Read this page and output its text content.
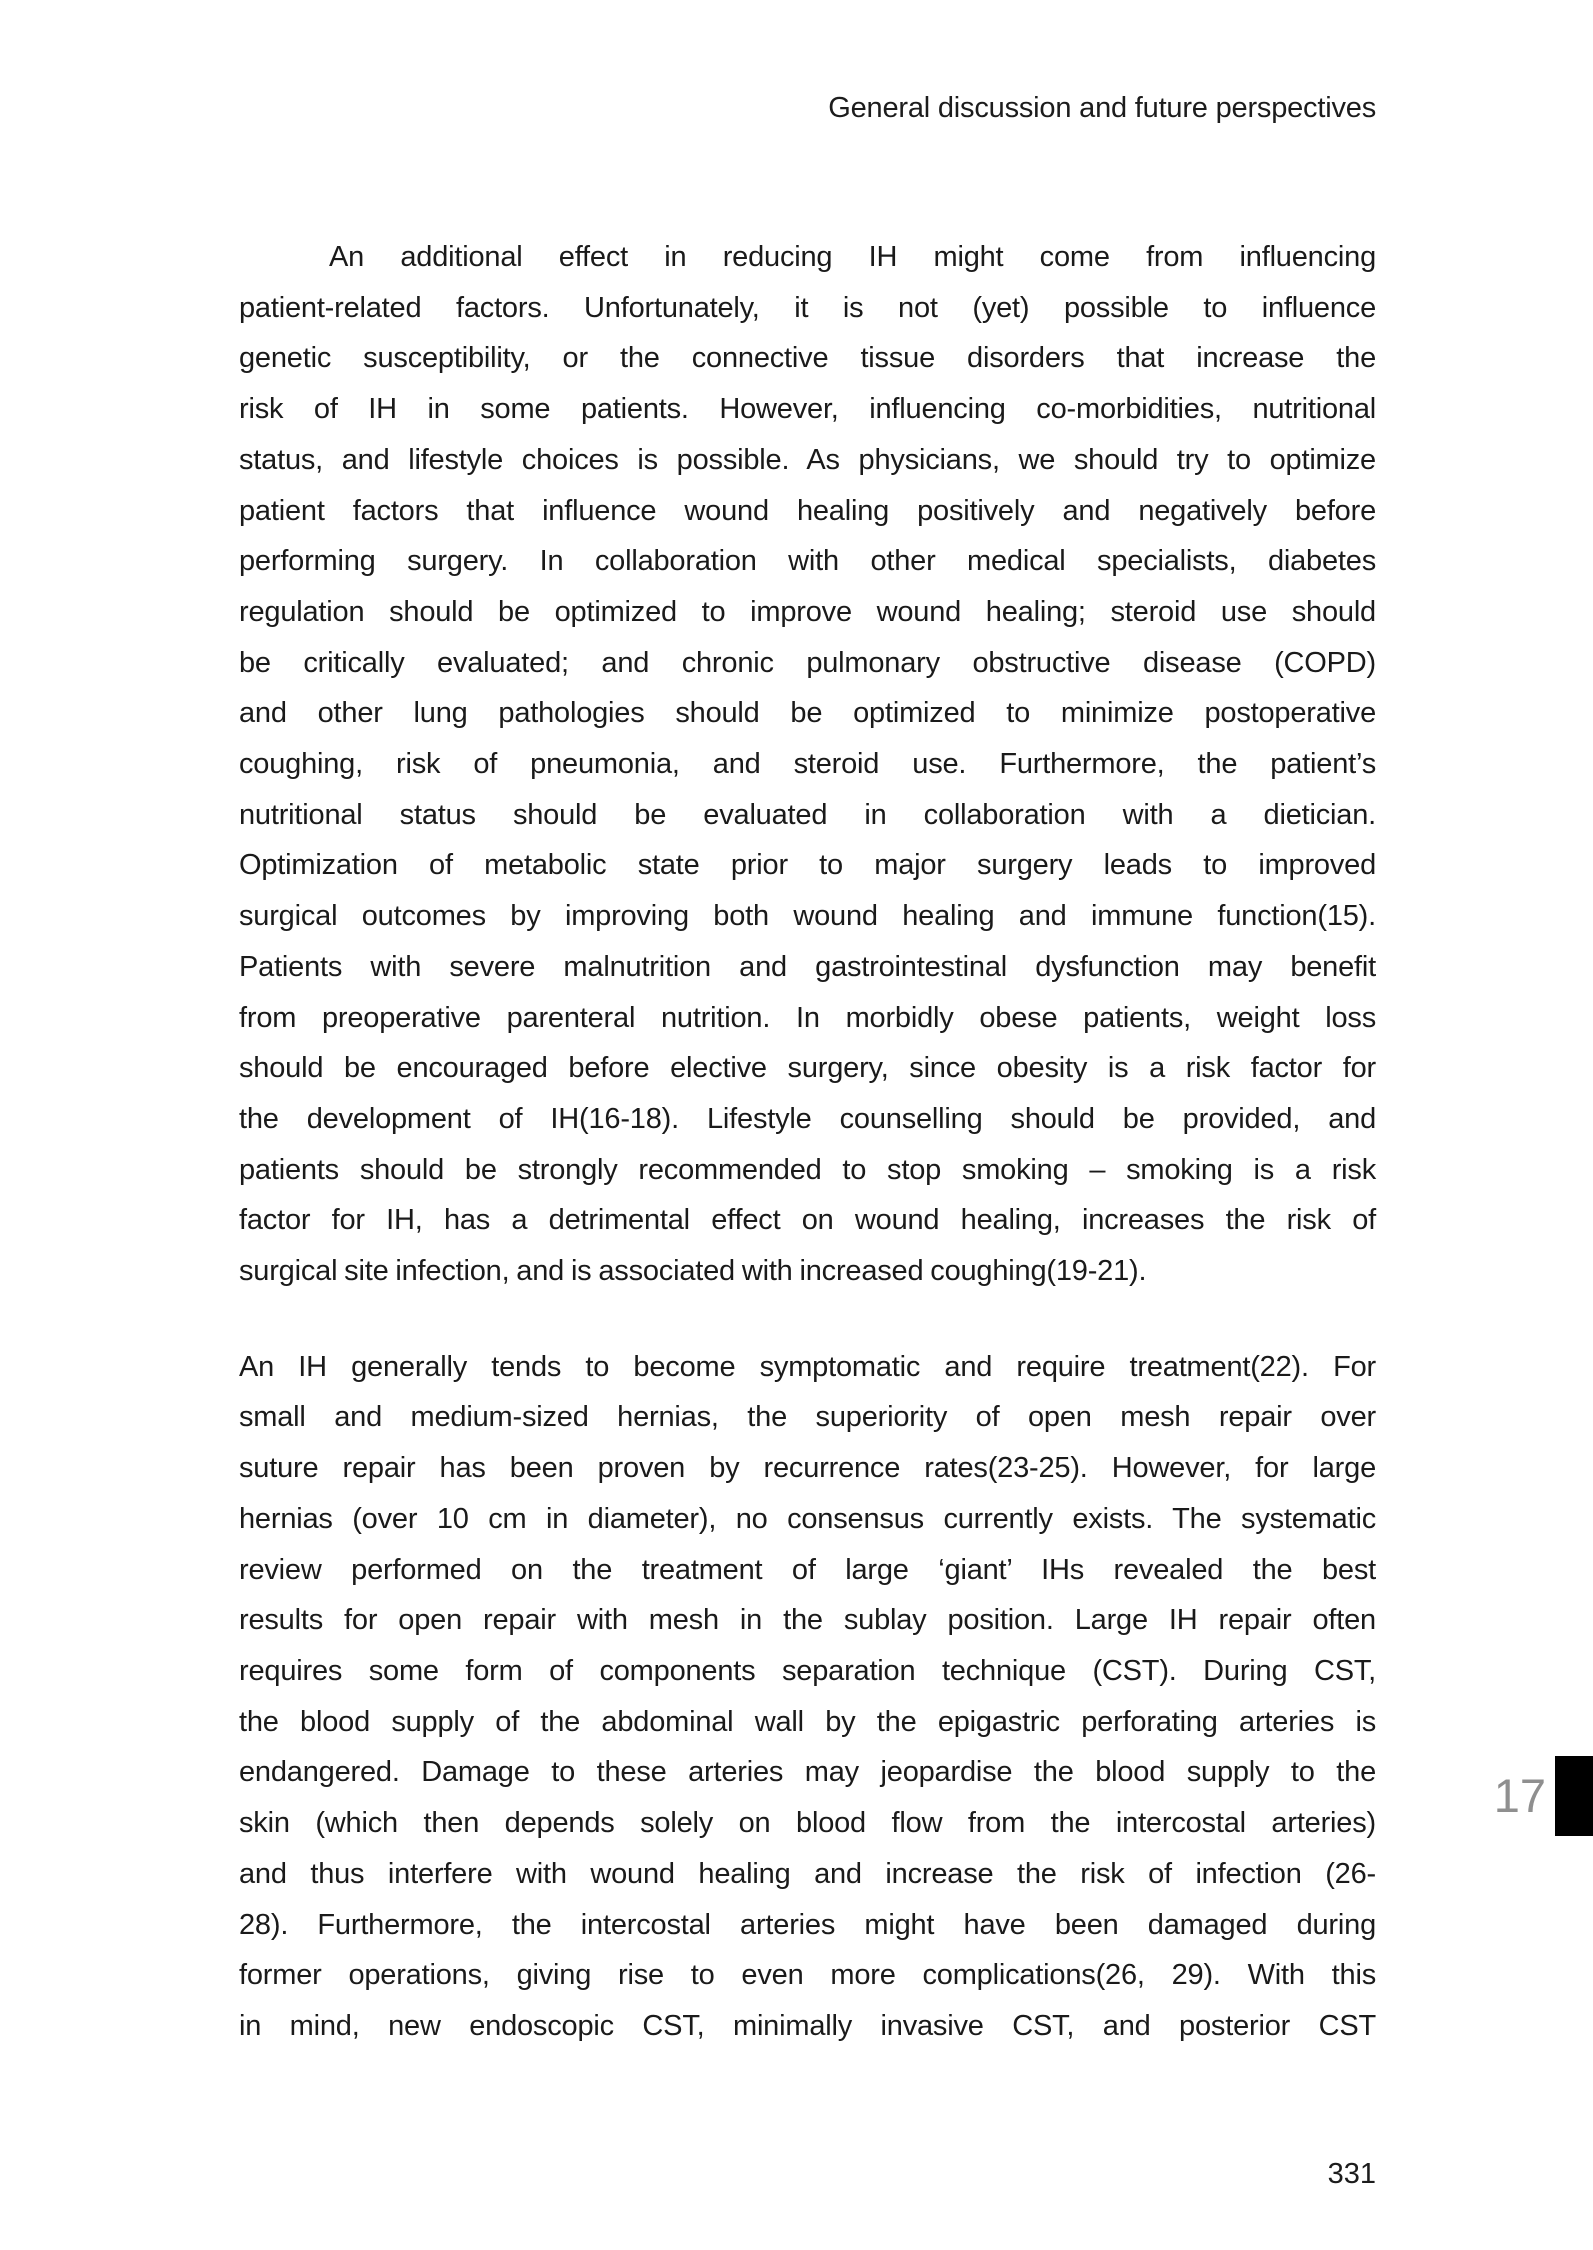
General discussion and future perspectives
An additional effect in reducing IH might come from influencing
patient-related factors. Unfortunately, it is not (yet) possible to influence
genetic susceptibility, or the connective tissue disorders that increase the
risk of IH in some patients. However, influencing co-morbidities, nutritional
status, and lifestyle choices is possible. As physicians, we should try to optimize
patient factors that influence wound healing positively and negatively before
performing surgery. In collaboration with other medical specialists, diabetes
regulation should be optimized to improve wound healing; steroid use should
be critically evaluated; and chronic pulmonary obstructive disease (COPD)
and other lung pathologies should be optimized to minimize postoperative
coughing, risk of pneumonia, and steroid use. Furthermore, the patient’s
nutritional status should be evaluated in collaboration with a dietician.
Optimization of metabolic state prior to major surgery leads to improved
surgical outcomes by improving both wound healing and immune function(15).
Patients with severe malnutrition and gastrointestinal dysfunction may benefit
from preoperative parenteral nutrition. In morbidly obese patients, weight loss
should be encouraged before elective surgery, since obesity is a risk factor for
the development of IH(16-18). Lifestyle counselling should be provided, and
patients should be strongly recommended to stop smoking – smoking is a risk
factor for IH, has a detrimental effect on wound healing, increases the risk of
surgical site infection, and is associated with increased coughing(19-21).
An IH generally tends to become symptomatic and require treatment(22). For
small and medium-sized hernias, the superiority of open mesh repair over
suture repair has been proven by recurrence rates(23-25). However, for large
hernias (over 10 cm in diameter), no consensus currently exists. The systematic
review performed on the treatment of large ‘giant’ IHs revealed the best
results for open repair with mesh in the sublay position. Large IH repair often
requires some form of components separation technique (CST). During CST,
the blood supply of the abdominal wall by the epigastric perforating arteries is
endangered. Damage to these arteries may jeopardise the blood supply to the
skin (which then depends solely on blood flow from the intercostal arteries)
and thus interfere with wound healing and increase the risk of infection (26-
28). Furthermore, the intercostal arteries might have been damaged during
former operations, giving rise to even more complications(26, 29). With this
in mind, new endoscopic CST, minimally invasive CST, and posterior CST
17
331
